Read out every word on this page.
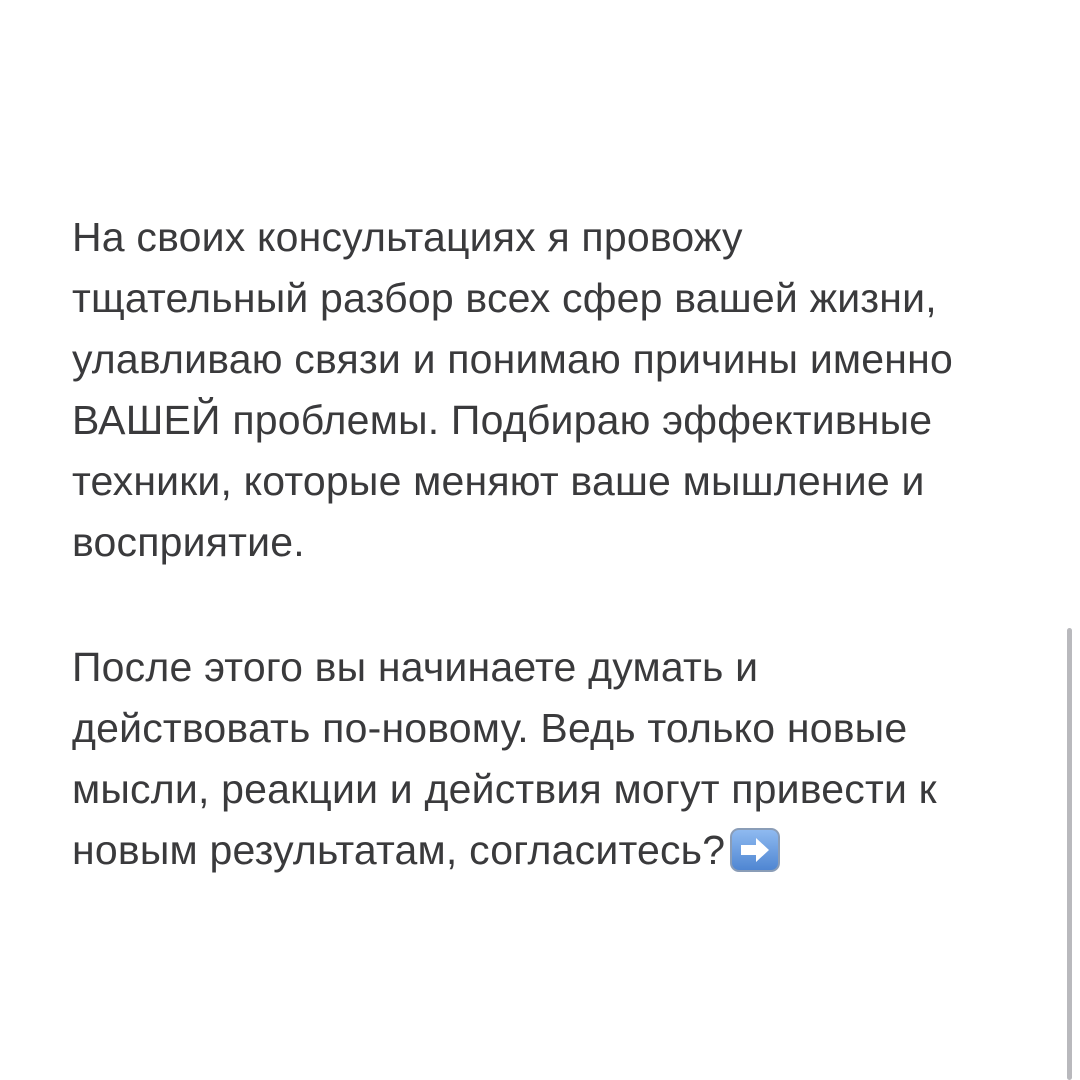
На своих консультациях я провожу
тщательный разбор всех сфер вашей жизни,
улавливаю связи и понимаю причины именно
ВАШЕЙ проблемы. Подбираю эффективные
техники, которые меняют ваше мышление и
восприятие.
После этого вы начинаете думать и
действовать по-новому. Ведь только новые
мысли, реакции и действия могут привести к
новым результатам, согласитесь?
